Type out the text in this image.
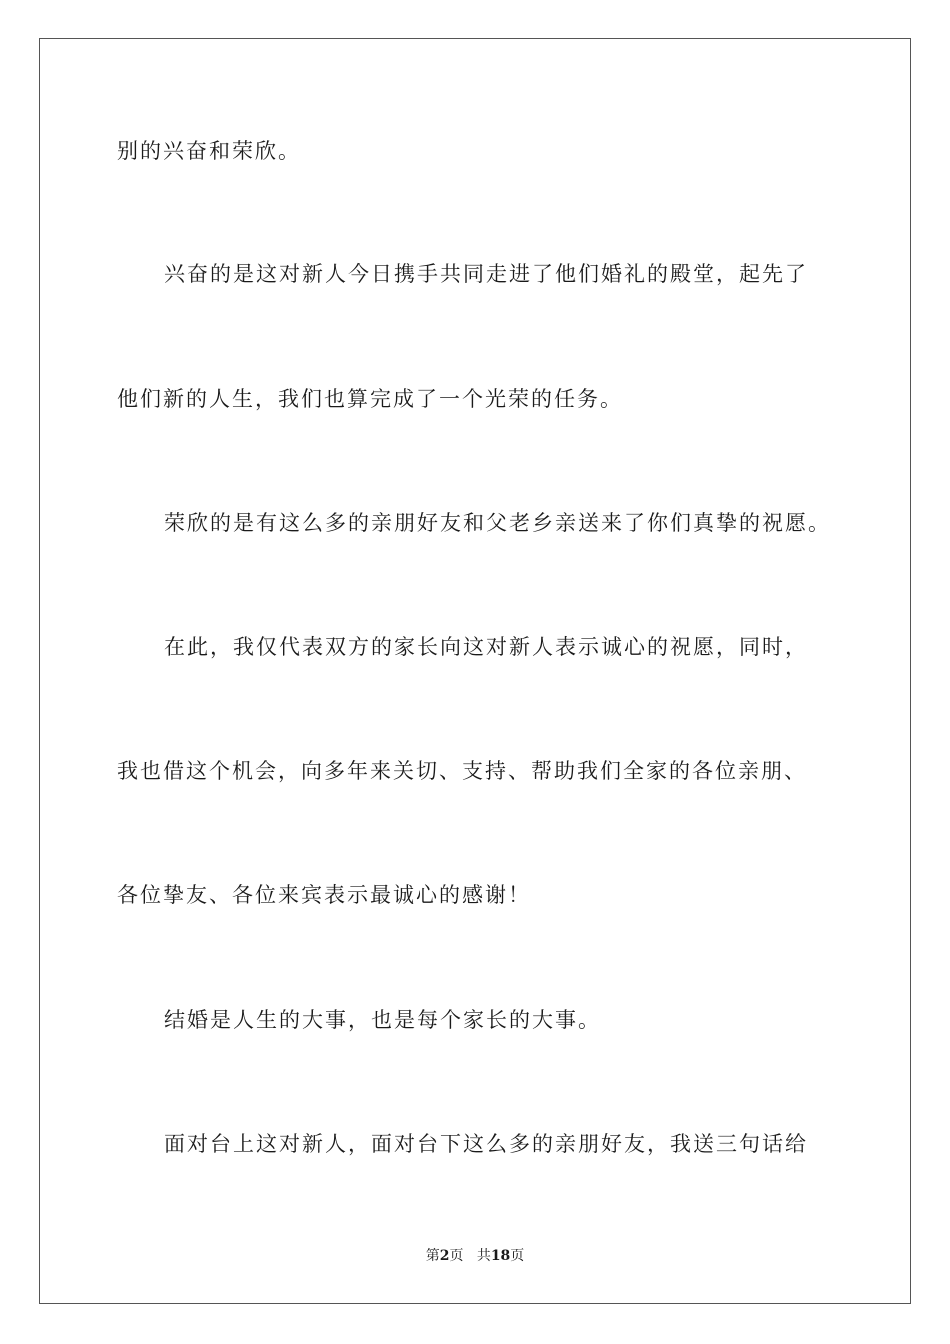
别的兴奋和荣欣。
兴奋的是这对新人今日携手共同走进了他们婚礼的殿堂，起先了
他们新的人生，我们也算完成了一个光荣的任务。
荣欣的是有这么多的亲朋好友和父老乡亲送来了你们真挚的祝愿。
在此，我仅代表双方的家长向这对新人表示诚心的祝愿，同时，
我也借这个机会，向多年来关切、支持、帮助我们全家的各位亲朋、
各位挚友、各位来宾表示最诚心的感谢！
结婚是人生的大事，也是每个家长的大事。
面对台上这对新人，面对台下这么多的亲朋好友，我送三句话给
第2页 共18页
